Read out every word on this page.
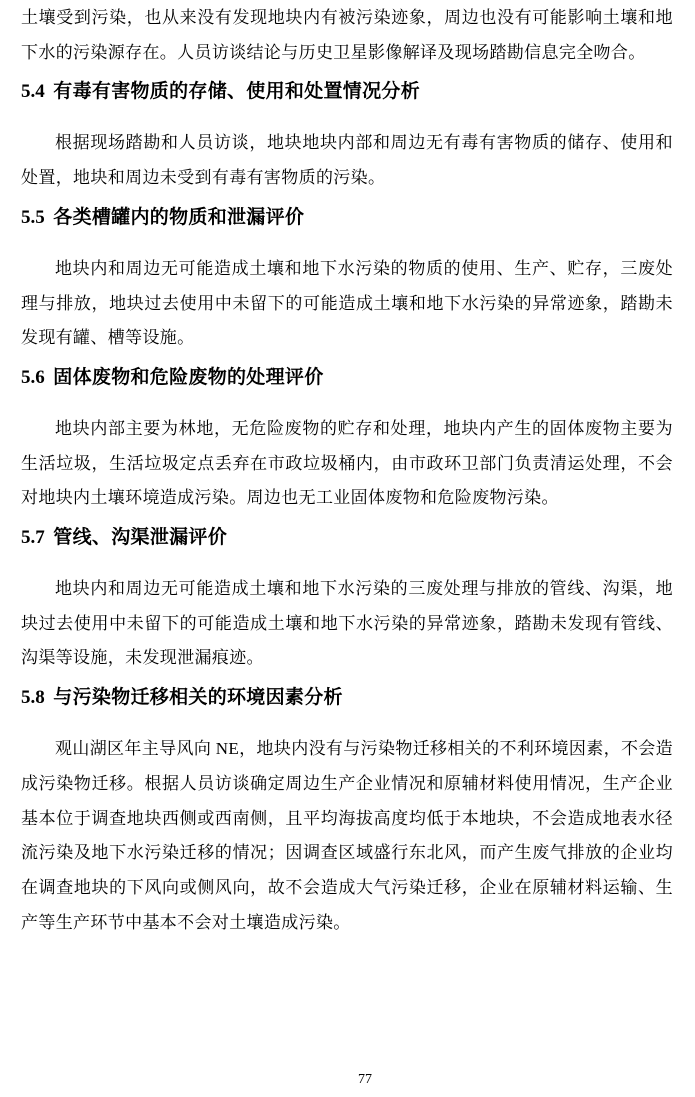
土壤受到污染，也从来没有发现地块内有被污染迹象，周边也没有可能影响土壤和地下水的污染源存在。人员访谈结论与历史卫星影像解译及现场踏勘信息完全吻合。

5.4 有毒有害物质的存储、使用和处置情况分析

根据现场踏勘和人员访谈，地块地块内部和周边无有毒有害物质的储存、使用和处置，地块和周边未受到有毒有害物质的污染。

5.5 各类槽罐内的物质和泄漏评价

地块内和周边无可能造成土壤和地下水污染的物质的使用、生产、贮存，三废处理与排放，地块过去使用中未留下的可能造成土壤和地下水污染的异常迹象，踏勘未发现有罐、槽等设施。

5.6 固体废物和危险废物的处理评价

地块内部主要为林地，无危险废物的贮存和处理，地块内产生的固体废物主要为生活垃圾，生活垃圾定点丢弃在市政垃圾桶内，由市政环卫部门负责清运处理，不会对地块内土壤环境造成污染。周边也无工业固体废物和危险废物污染。

5.7 管线、沟渠泄漏评价

地块内和周边无可能造成土壤和地下水污染的三废处理与排放的管线、沟渠，地块过去使用中未留下的可能造成土壤和地下水污染的异常迹象，踏勘未发现有管线、沟渠等设施，未发现泄漏痕迹。

5.8 与污染物迁移相关的环境因素分析

观山湖区年主导风向 NE，地块内没有与污染物迁移相关的不利环境因素，不会造成污染物迁移。根据人员访谈确定周边生产企业情况和原辅材料使用情况，生产企业基本位于调查地块西侧或西南侧，且平均海拔高度均低于本地块，不会造成地表水径流污染及地下水污染迁移的情况；因调查区域盛行东北风，而产生废气排放的企业均在调查地块的下风向或侧风向，故不会造成大气污染迁移，企业在原辅材料运输、生产等生产环节中基本不会对土壤造成污染。

77
